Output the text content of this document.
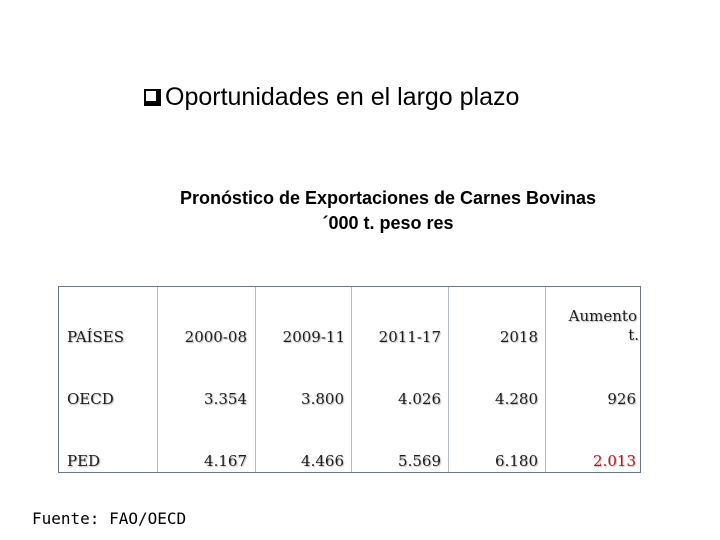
Oportunidades en el largo plazo
Pronóstico de Exportaciones de Carnes Bovinas
´000 t. peso res
PAÍSES	2000-08 2009-11 2011-17	2018
Aumento
t.
OECD	3.354	3.800	4.026	4.280	926
PED	4.167	4.466	5.569	6.180	2.013
Fuente: FAO/OECD
